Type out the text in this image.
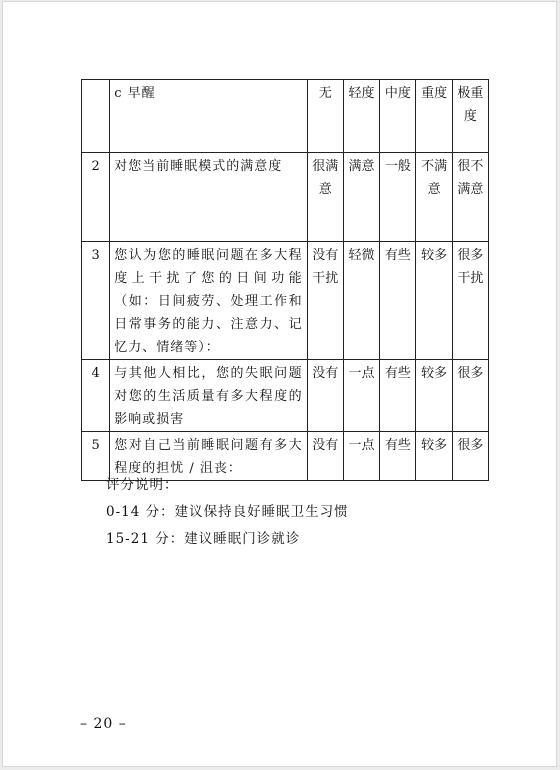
	c 早醒	无	轻度	中度	重度	极重度
2	对您当前睡眠模式的满意度	很满意	满意	一般	不满意	很不满意
3	您认为您的睡眠问题在多大程度上干扰了您的日间功能（如：日间疲劳、处理工作和日常事务的能力、注意力、记忆力、情绪等）：	没有干扰	轻微	有些	较多	很多干扰
4	与其他人相比，您的失眠问题对您的生活质量有多大程度的影响或损害	没有	一点	有些	较多	很多
5	您对自己当前睡眠问题有多大程度的担忧 / 沮丧：	没有	一点	有些	较多	很多
评分说明：
0-14 分：建议保持良好睡眠卫生习惯
15-21 分：建议睡眠门诊就诊
– 20 –
